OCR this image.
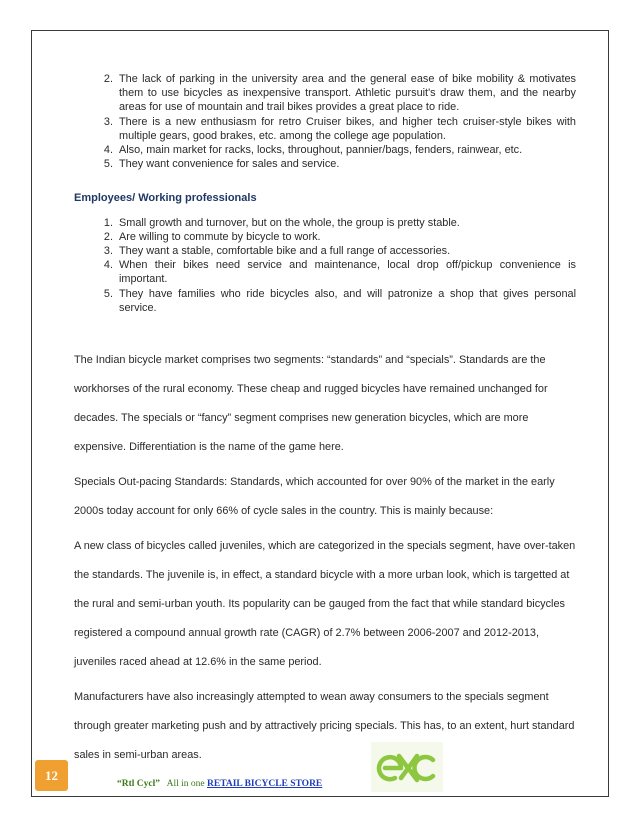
2. The lack of parking in the university area and the general ease of bike mobility & motivates them to use bicycles as inexpensive transport. Athletic pursuit's draw them, and the nearby areas for use of mountain and trail bikes provides a great place to ride.
3. There is a new enthusiasm for retro Cruiser bikes, and higher tech cruiser-style bikes with multiple gears, good brakes, etc. among the college age population.
4. Also, main market for racks, locks, throughout, pannier/bags, fenders, rainwear, etc.
5. They want convenience for sales and service.
Employees/ Working professionals
1. Small growth and turnover, but on the whole, the group is pretty stable.
2. Are willing to commute by bicycle to work.
3. They want a stable, comfortable bike and a full range of accessories.
4. When their bikes need service and maintenance, local drop off/pickup convenience is important.
5. They have families who ride bicycles also, and will patronize a shop that gives personal service.

The Indian bicycle market comprises two segments: “standards” and “specials”. Standards are the workhorses of the rural economy. These cheap and rugged bicycles have remained unchanged for decades. The specials or “fancy” segment comprises new generation bicycles, which are more expensive. Differentiation is the name of the game here.

Specials Out-pacing Standards: Standards, which accounted for over 90% of the market in the early 2000s today account for only 66% of cycle sales in the country. This is mainly because:

A new class of bicycles called juveniles, which are categorized in the specials segment, have over-taken the standards. The juvenile is, in effect, a standard bicycle with a more urban look, which is targetted at the rural and semi-urban youth. Its popularity can be gauged from the fact that while standard bicycles registered a compound annual growth rate (CAGR) of 2.7% between 2006-2007 and 2012-2013, juveniles raced ahead at 12.6% in the same period.

Manufacturers have also increasingly attempted to wean away consumers to the specials segment through greater marketing push and by attractively pricing specials. This has, to an extent, hurt standard sales in semi-urban areas.

12
“Rtl Cycl” All in one RETAIL BICYCLE STORE
